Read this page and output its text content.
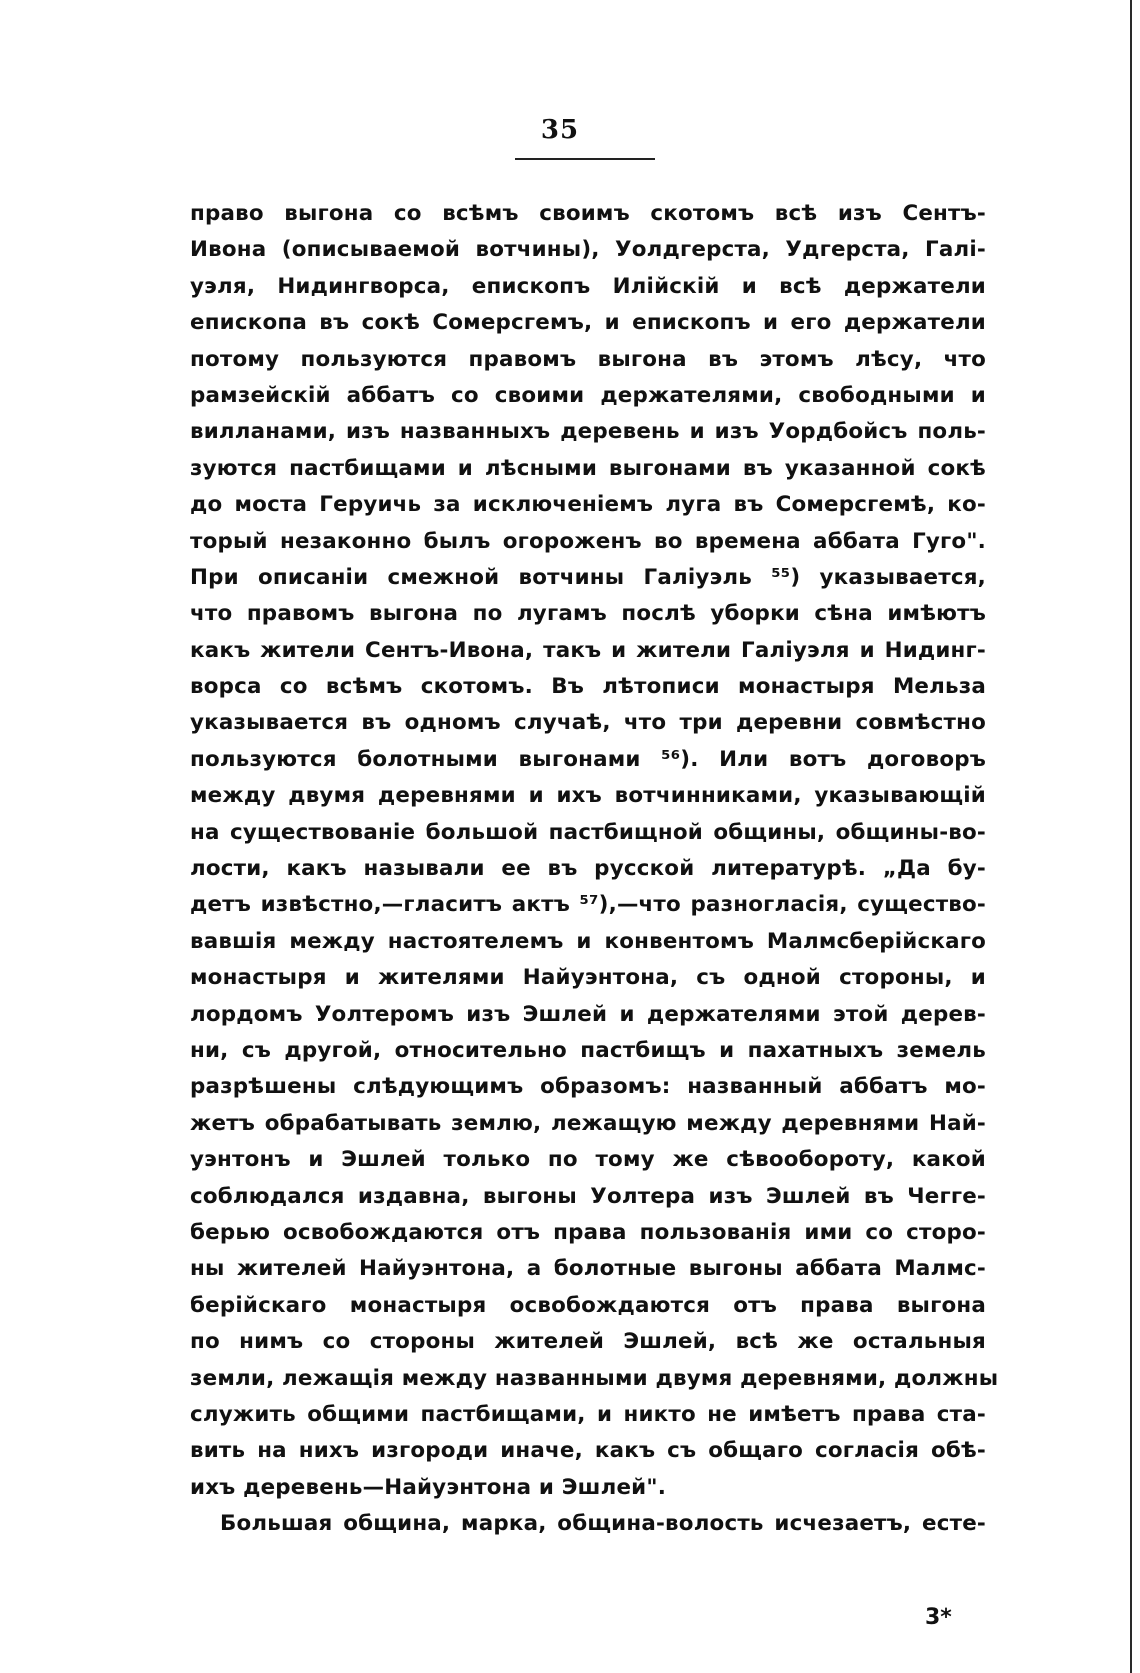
35
право выгона со всѣмъ своимъ скотомъ всѣ изъ Сентъ-
Ивона (описываемой вотчины), Уолдгерста, Удгерста, Галі-
уэля, Нидингворса, епископъ Илійскій и всѣ держатели
епископа въ сокѣ Сомерсгемъ, и епископъ и его держатели
потому пользуются правомъ выгона въ этомъ лѣсу, что
рамзейскій аббатъ со своими держателями, свободными и
вилланами, изъ названныхъ деревень и изъ Уордбойсъ поль-
зуются пастбищами и лѣсными выгонами въ указанной сокѣ
до моста Геруичь за исключеніемъ луга въ Сомерсгемѣ, ко-
торый незаконно былъ огороженъ во времена аббата Гуго".
При описаніи смежной вотчины Галіуэль ⁵⁵) указывается,
что правомъ выгона по лугамъ послѣ уборки сѣна имѣютъ
какъ жители Сентъ-Ивона, такъ и жители Галіуэля и Нидинг-
ворса со всѣмъ скотомъ. Въ лѣтописи монастыря Мельза
указывается въ одномъ случаѣ, что три деревни совмѣстно
пользуются болотными выгонами ⁵⁶). Или вотъ договоръ
между двумя деревнями и ихъ вотчинниками, указывающій
на существованіе большой пастбищной общины, общины-во-
лости, какъ называли ее въ русской литературѣ. „Да бу-
детъ извѣстно,—гласитъ актъ ⁵⁷),—что разногласія, существо-
вавшія между настоятелемъ и конвентомъ Малмсберійскаго
монастыря и жителями Найуэнтона, съ одной стороны, и
лордомъ Уолтеромъ изъ Эшлей и держателями этой дерев-
ни, съ другой, относительно пастбищъ и пахатныхъ земель
разрѣшены слѣдующимъ образомъ: названный аббатъ мо-
жетъ обрабатывать землю, лежащую между деревнями Най-
уэнтонъ и Эшлей только по тому же сѣвообороту, какой
соблюдался издавна, выгоны Уолтера изъ Эшлей въ Чегге-
берью освобождаются отъ права пользованія ими со сторо-
ны жителей Найуэнтона, а болотные выгоны аббата Малмс-
берійскаго монастыря освобождаются отъ права выгона
по нимъ со стороны жителей Эшлей, всѣ же остальныя
земли, лежащія между названными двумя деревнями, должны
служить общими пастбищами, и никто не имѣетъ права ста-
вить на нихъ изгороди иначе, какъ съ общаго согласія обѣ-
ихъ деревень—Найуэнтона и Эшлей".
Большая община, марка, община-волость исчезаетъ, есте-
3*
